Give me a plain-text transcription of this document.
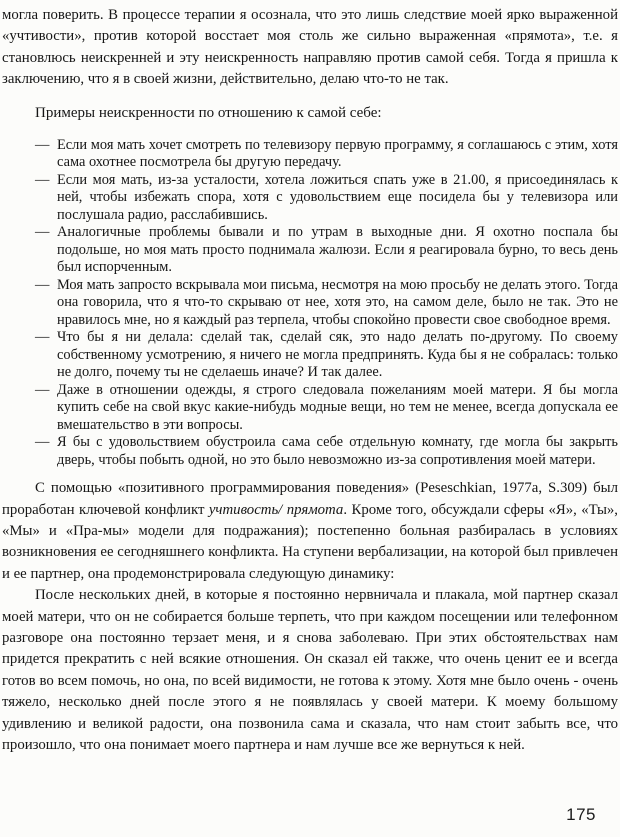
могла поверить. В процессе терапии я осознала, что это лишь следствие моей ярко выраженной «учтивости», против которой восстает моя столь же сильно выраженная «прямота», т.е. я становлюсь неискренней и эту неискренность направляю против самой себя. Тогда я пришла к заключению, что я в своей жизни, действительно, делаю что-то не так.

Примеры неискренности по отношению к самой себе:

— Если моя мать хочет смотреть по телевизору первую программу, я соглашаюсь с этим, хотя сама охотнее посмотрела бы другую передачу.
— Если моя мать, из-за усталости, хотела ложиться спать уже в 21.00, я присоединялась к ней, чтобы избежать спора, хотя с удовольствием еще посидела бы у телевизора или послушала радио, расслабившись.
— Аналогичные проблемы бывали и по утрам в выходные дни. Я охотно поспала бы подольше, но моя мать просто поднимала жалюзи. Если я реагировала бурно, то весь день был испорченным.
— Моя мать запросто вскрывала мои письма, несмотря на мою просьбу не делать этого. Тогда она говорила, что я что-то скрываю от нее, хотя это, на самом деле, было не так. Это не нравилось мне, но я каждый раз терпела, чтобы спокойно провести свое свободное время.
— Что бы я ни делала: сделай так, сделай сяк, это надо делать по-другому. По своему собственному усмотрению, я ничего не могла предпринять. Куда бы я не собралась: только не долго, почему ты не сделаешь иначе? И так далее.
— Даже в отношении одежды, я строго следовала пожеланиям моей матери. Я бы могла купить себе на свой вкус какие-нибудь модные вещи, но тем не менее, всегда допускала ее вмешательство в эти вопросы.
— Я бы с удовольствием обустроила сама себе отдельную комнату, где могла бы закрыть дверь, чтобы побыть одной, но это было невозможно из-за сопротивления моей матери.

С помощью «позитивного программирования поведения» (Peseschkian, 1977a, S.309) был проработан ключевой конфликт учтивость/ прямота. Кроме того, обсуждали сферы «Я», «Ты», «Мы» и «Пра-мы» модели для подражания); постепенно больная разбиралась в условиях возникновения ее сегодняшнего конфликта. На ступени вербализации, на которой был привлечен и ее партнер, она продемонстрировала следующую динамику:

После нескольких дней, в которые я постоянно нервничала и плакала, мой партнер сказал моей матери, что он не собирается больше терпеть, что при каждом посещении или телефонном разговоре она постоянно терзает меня, и я снова заболеваю. При этих обстоятельствах нам придется прекратить с ней всякие отношения. Он сказал ей также, что очень ценит ее и всегда готов во всем помочь, но она, по всей видимости, не готова к этому. Хотя мне было очень - очень тяжело, несколько дней после этого я не появлялась у своей матери. К моему большому удивлению и великой радости, она позвонила сама и сказала, что нам стоит забыть все, что произошло, что она понимает моего партнера и нам лучше все же вернуться к ней.

175
